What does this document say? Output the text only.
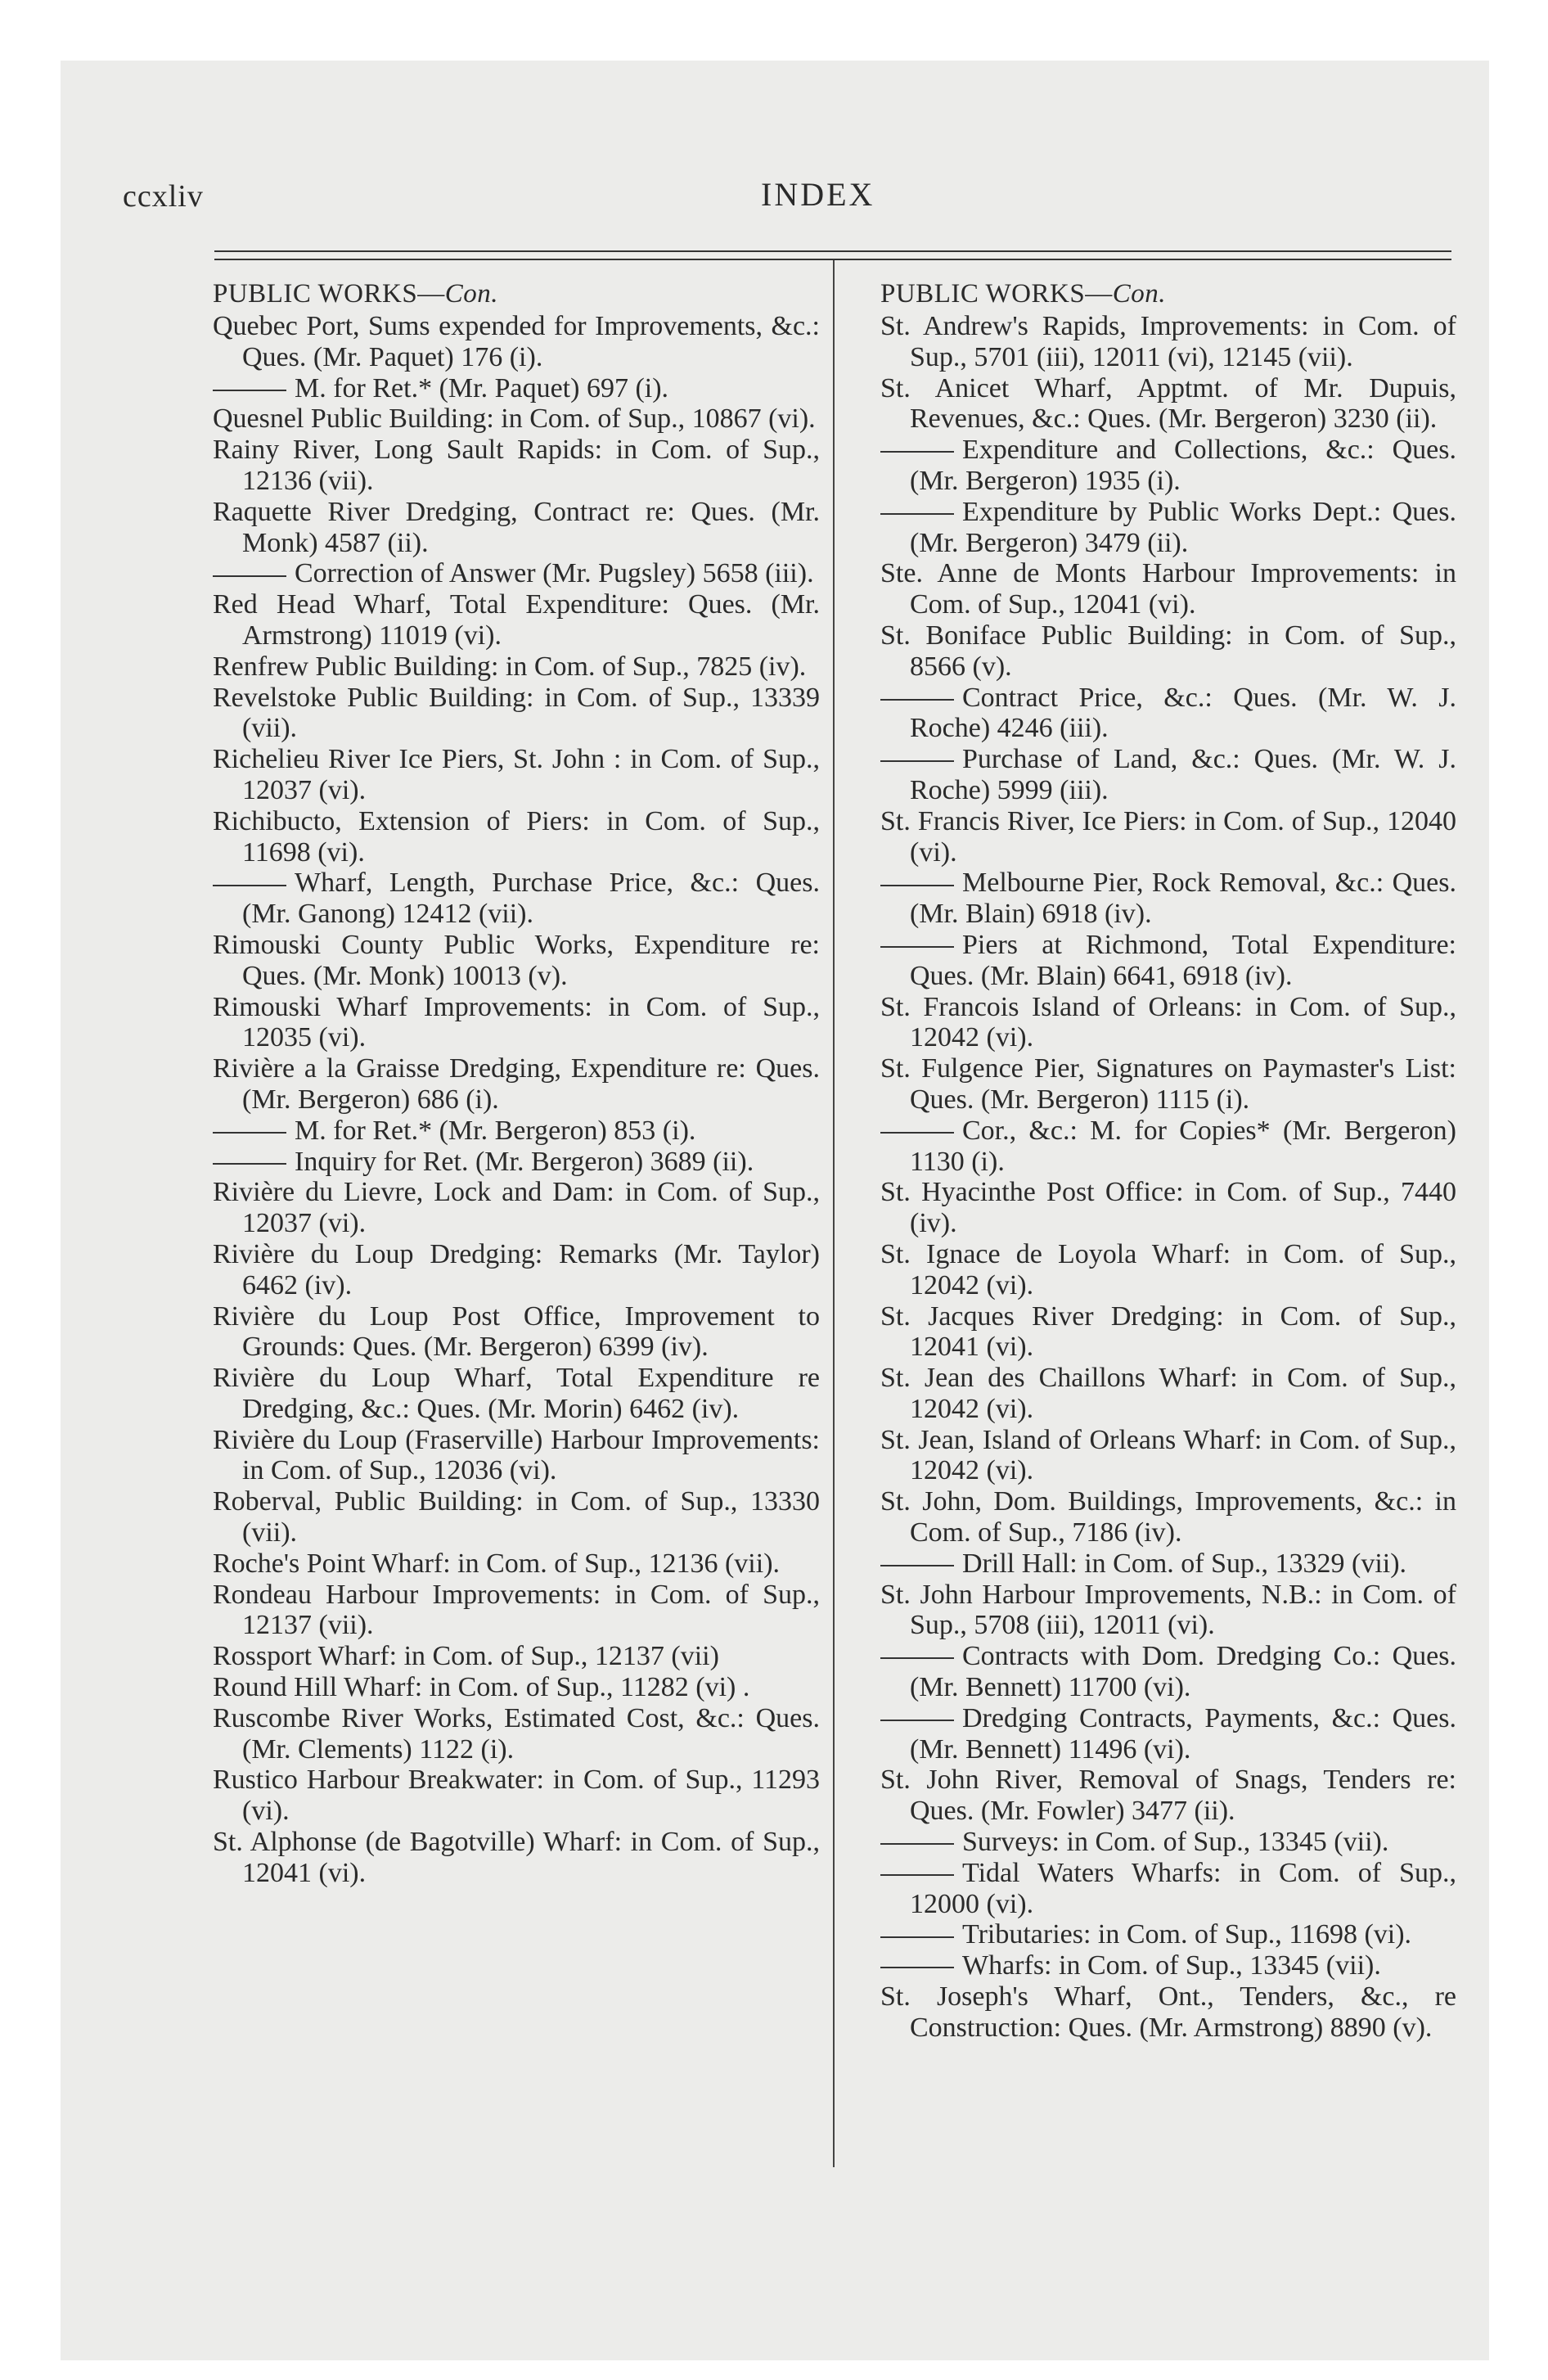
ccxliv	INDEX
PUBLIC WORKS—Con.

Quebec Port, Sums expended for Improvements, &c.: Ques. (Mr. Paquet) 176 (i).

M. for Ret.* (Mr. Paquet) 697 (i).

Quesnel Public Building: in Com. of Sup., 10867 (vi).

Rainy River, Long Sault Rapids: in Com. of Sup., 12136 (vii).

Raquette River Dredging, Contract re: Ques. (Mr. Monk) 4587 (ii).

Correction of Answer (Mr. Pugsley) 5658 (iii).

Red Head Wharf, Total Expenditure: Ques. (Mr. Armstrong) 11019 (vi).

Renfrew Public Building: in Com. of Sup., 7825 (iv).

Revelstoke Public Building: in Com. of Sup., 13339 (vii).

Richelieu River Ice Piers, St. John : in Com. of Sup., 12037 (vi).

Richibucto, Extension of Piers: in Com. of Sup., 11698 (vi).

Wharf, Length, Purchase Price, &c.: Ques. (Mr. Ganong) 12412 (vii).

Rimouski County Public Works, Expenditure re: Ques. (Mr. Monk) 10013 (v).

Rimouski Wharf Improvements: in Com. of Sup., 12035 (vi).

Rivière a la Graisse Dredging, Expenditure re: Ques. (Mr. Bergeron) 686 (i).

M. for Ret.* (Mr. Bergeron) 853 (i).

Inquiry for Ret. (Mr. Bergeron) 3689 (ii).

Rivière du Lievre, Lock and Dam: in Com. of Sup., 12037 (vi).

Rivière du Loup Dredging: Remarks (Mr. Taylor) 6462 (iv).

Rivière du Loup Post Office, Improvement to Grounds: Ques. (Mr. Bergeron) 6399 (iv).

Rivière du Loup Wharf, Total Expenditure re Dredging, &c.: Ques. (Mr. Morin) 6462 (iv).

Rivière du Loup (Fraserville) Harbour Improvements: in Com. of Sup., 12036 (vi).

Roberval, Public Building: in Com. of Sup., 13330 (vii).

Roche's Point Wharf: in Com. of Sup., 12136 (vii).

Rondeau Harbour Improvements: in Com. of Sup., 12137 (vii).

Rossport Wharf: in Com. of Sup., 12137 (vii)

Round Hill Wharf: in Com. of Sup., 11282 (vi) .

Ruscombe River Works, Estimated Cost, &c.: Ques. (Mr. Clements) 1122 (i).

Rustico Harbour Breakwater: in Com. of Sup., 11293 (vi).

St. Alphonse (de Bagotville) Wharf: in Com. of Sup., 12041 (vi).

PUBLIC WORKS—Con.

St. Andrew's Rapids, Improvements: in Com. of Sup., 5701 (iii), 12011 (vi), 12145 (vii).

St. Anicet Wharf, Apptmt. of Mr. Dupuis, Revenues, &c.: Ques. (Mr. Bergeron) 3230 (ii).

Expenditure and Collections, &c.: Ques. (Mr. Bergeron) 1935 (i).

Expenditure by Public Works Dept.: Ques. (Mr. Bergeron) 3479 (ii).

Ste. Anne de Monts Harbour Improvements: in Com. of Sup., 12041 (vi).

St. Boniface Public Building: in Com. of Sup., 8566 (v).

Contract Price, &c.: Ques. (Mr. W. J. Roche) 4246 (iii).

Purchase of Land, &c.: Ques. (Mr. W. J. Roche) 5999 (iii).

St. Francis River, Ice Piers: in Com. of Sup., 12040 (vi).

Melbourne Pier, Rock Removal, &c.: Ques. (Mr. Blain) 6918 (iv).

Piers at Richmond, Total Expenditure: Ques. (Mr. Blain) 6641, 6918 (iv).

St. Francois Island of Orleans: in Com. of Sup., 12042 (vi).

St. Fulgence Pier, Signatures on Paymaster's List: Ques. (Mr. Bergeron) 1115 (i).

Cor., &c.: M. for Copies* (Mr. Bergeron) 1130 (i).

St. Hyacinthe Post Office: in Com. of Sup., 7440 (iv).

St. Ignace de Loyola Wharf: in Com. of Sup., 12042 (vi).

St. Jacques River Dredging: in Com. of Sup., 12041 (vi).

St. Jean des Chaillons Wharf: in Com. of Sup., 12042 (vi).

St. Jean, Island of Orleans Wharf: in Com. of Sup., 12042 (vi).

St. John, Dom. Buildings, Improvements, &c.: in Com. of Sup., 7186 (iv).

Drill Hall: in Com. of Sup., 13329 (vii).

St. John Harbour Improvements, N.B.: in Com. of Sup., 5708 (iii), 12011 (vi).

Contracts with Dom. Dredging Co.: Ques. (Mr. Bennett) 11700 (vi).

Dredging Contracts, Payments, &c.: Ques. (Mr. Bennett) 11496 (vi).

St. John River, Removal of Snags, Tenders re: Ques. (Mr. Fowler) 3477 (ii).

Surveys: in Com. of Sup., 13345 (vii).

Tidal Waters Wharfs: in Com. of Sup., 12000 (vi).

Tributaries: in Com. of Sup., 11698 (vi).

Wharfs: in Com. of Sup., 13345 (vii).

St. Joseph's Wharf, Ont., Tenders, &c., re Construction: Ques. (Mr. Armstrong) 8890 (v).
